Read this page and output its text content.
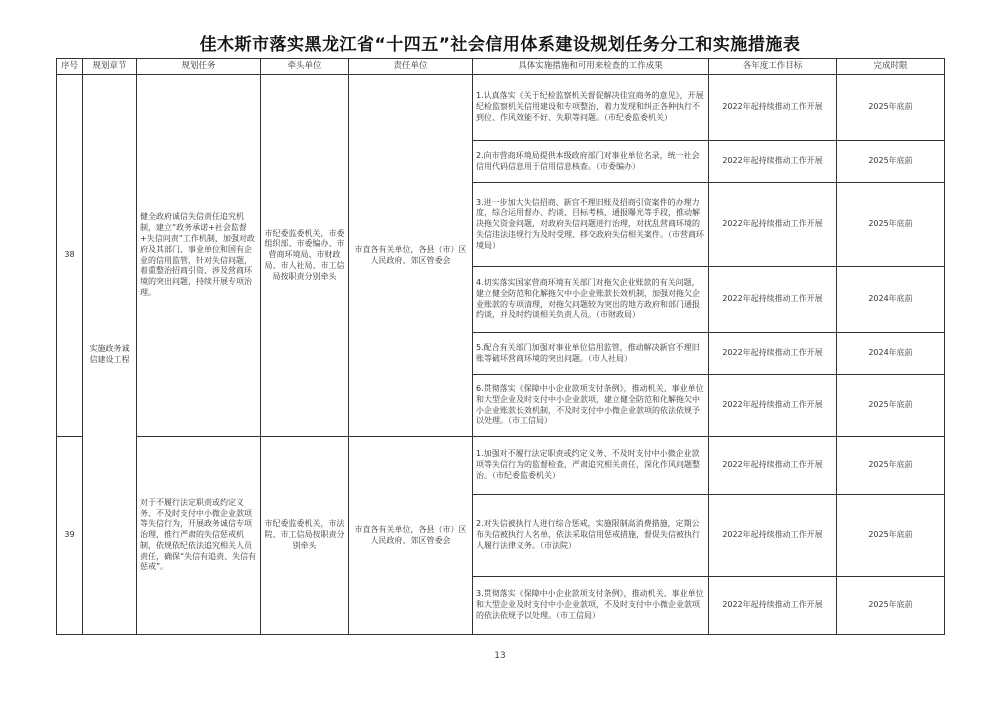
佳木斯市落实黑龙江省“十四五”社会信用体系建设规划任务分工和实施措施表
序号	规划章节	规划任务	牵头单位	责任单位	具体实施措施和可用来检查的工作成果	各年度工作目标	完成时限
38	实施政务诚信建设工程	健全政府诚信失信责任追究机制，建立“政务承诺+社会监督+失信问责”工作机制，加强对政府及其部门、事业单位和国有企业的信用监管，针对失信问题，着重整治招商引资、涉及营商环境的突出问题，持续开展专项治理。	市纪委监委机关，市委组织部、市委编办、市营商环境局、市财政局、市人社局、市工信局按职责分别牵头	市直各有关单位，各县（市）区人民政府、郊区管委会	1.认真落实《关于纪检监察机关督促解决佳宜商务的意见》，开展纪检监察机关信用建设和专项整治，着力发现和纠正各种执行不到位、作风效能不好、失职等问题。（市纪委监委机关）	2022年起持续推动工作开展	2025年底前
					2.向市营商环境局提供本级政府部门对事业单位名录，统一社会信用代码信息用于信用信息核查。（市委编办）	2022年起持续推动工作开展	2025年底前
					3.进一步加大失信招商、新官不理旧账及招商引资案件的办理力度，综合运用督办、约谈、目标考核、通报曝光等手段，推动解决拖欠资金问题，对政府失信问题进行治理，对扰乱营商环境的失信违法违规行为及时受理、移交政府失信相关案件。（市营商环境局）	2022年起持续推动工作开展	2025年底前
					4.切实落实国家营商环境有关部门对拖欠企业账款的有关问题，建立健全防范和化解拖欠中小企业账款长效机制，加强对拖欠企业账款的专项清理，对拖欠问题较为突出的地方政府和部门通报约谈，并及时约谈相关负责人员。（市财政局）	2022年起持续推动工作开展	2024年底前
					5.配合有关部门加强对事业单位信用监管，推动解决新官不理旧账等破坏营商环境的突出问题。（市人社局）	2022年起持续推动工作开展	2024年底前
					6.贯彻落实《保障中小企业款项支付条例》，推动机关、事业单位和大型企业及时支付中小企业款项，建立健全防范和化解拖欠中小企业账款长效机制，不及时支付中小微企业款项的依法依规予以处理。（市工信局）	2022年起持续推动工作开展	2025年底前
39		对于不履行法定职责或约定义务、不及时支付中小微企业款项等失信行为，开展政务诚信专项治理，推行严肃的失信惩戒机制，依规依纪依法追究相关人员责任，确保“失信有追责、失信有惩戒”。	市纪委监委机关，市法院、市工信局按职责分别牵头	市直各有关单位，各县（市）区人民政府、郊区管委会	1.加强对不履行法定职责或约定义务、不及时支付中小微企业款项等失信行为的监督检查，严肃追究相关责任，深化作风问题整治。（市纪委监委机关）	2022年起持续推动工作开展	2025年底前
					2.对失信被执行人进行综合惩戒，实施限制高消费措施，定期公布失信被执行人名单，依法采取信用惩戒措施，督促失信被执行人履行法律义务。（市法院）	2022年起持续推动工作开展	2025年底前
					3.贯彻落实《保障中小企业款项支付条例》，推动机关、事业单位和大型企业及时支付中小企业款项，不及时支付中小微企业款项的依法依规予以处理。（市工信局）	2022年起持续推动工作开展	2025年底前
13
